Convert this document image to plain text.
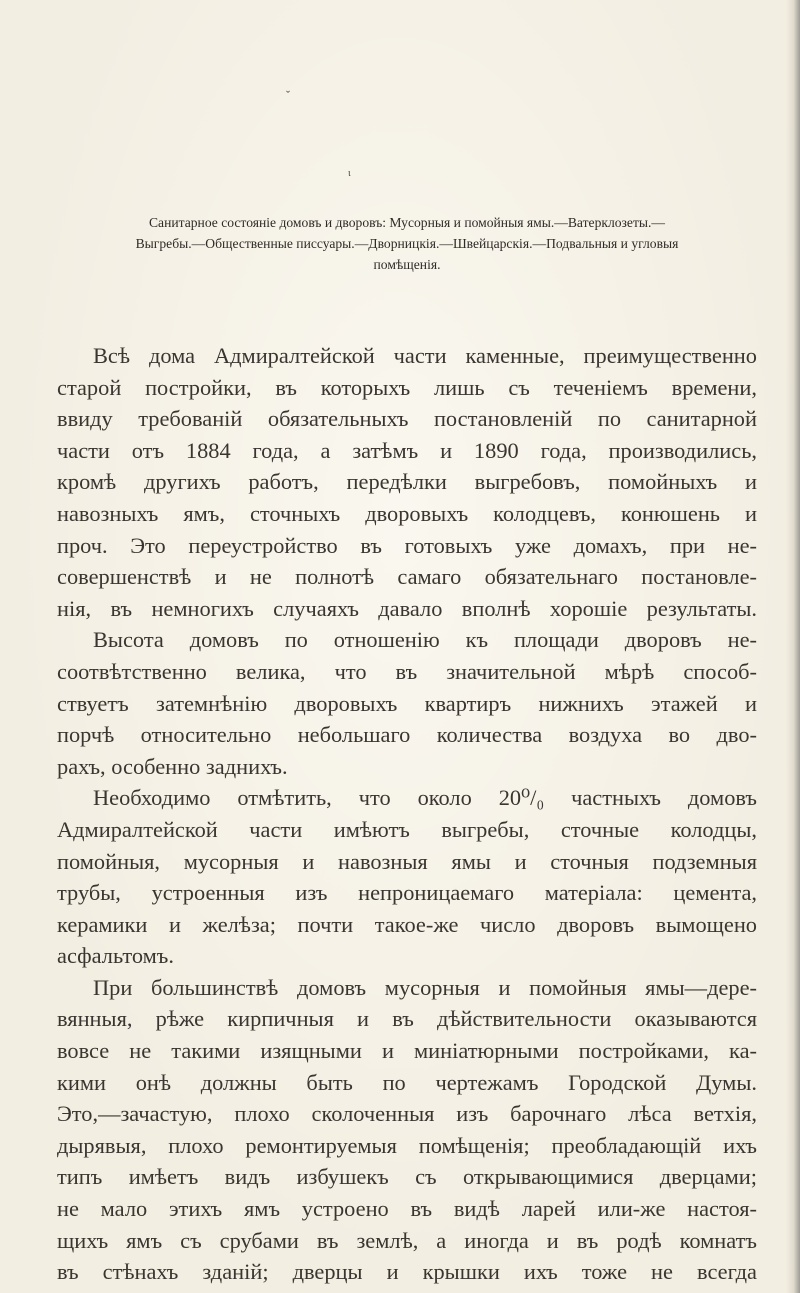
ˇ
ɩ
Санитарное состояніе домовъ и дворовъ: Мусорныя и помойныя ямы.—Ватерклозеты.—
Выгребы.—Общественные писсуары.—Дворницкія.—Швейцарскія.—Подвальныя и угловыя
помѣщенія.
Всѣ дома Адмиралтейской части каменные, преимущественно
старой постройки, въ которыхъ лишь съ теченіемъ времени,
ввиду требованій обязательныхъ постановленій по санитарной
части отъ 1884 года, а затѣмъ и 1890 года, производились,
кромѣ другихъ работъ, передѣлки выгребовъ, помойныхъ и
навозныхъ ямъ, сточныхъ дворовыхъ колодцевъ, конюшень и
проч. Это переустройство въ готовыхъ уже домахъ, при не-
совершенствѣ и не полнотѣ самаго обязательнаго постановле-
нія, въ немногихъ случаяхъ давало вполнѣ хорошіе результаты.
Высота домовъ по отношенію къ площади дворовъ не-
соотвѣтственно велика, что въ значительной мѣрѣ способ-
ствуетъ затемнѣнію дворовыхъ квартиръ нижнихъ этажей и
порчѣ относительно небольшаго количества воздуха во дво-
рахъ, особенно заднихъ.
Необходимо отмѣтить, что около 20⁰/₀ частныхъ домовъ
Адмиралтейской части имѣютъ выгребы, сточные колодцы,
помойныя, мусорныя и навозныя ямы и сточныя подземныя
трубы, устроенныя изъ непроницаемаго матеріала: цемента,
керамики и желѣза; почти такое-же число дворовъ вымощено
асфальтомъ.
При большинствѣ домовъ мусорныя и помойныя ямы—дере-
вянныя, рѣже кирпичныя и въ дѣйствительности оказываются
вовсе не такими изящными и миніатюрными постройками, ка-
кими онѣ должны быть по чертежамъ Городской Думы.
Это,—зачастую, плохо сколоченныя изъ барочнаго лѣса ветхія,
дырявыя, плохо ремонтируемыя помѣщенія; преобладающій ихъ
типъ имѣетъ видъ избушекъ съ открывающимися дверцами;
не мало этихъ ямъ устроено въ видѣ ларей или-же настоя-
щихъ ямъ съ срубами въ землѣ, а иногда и въ родѣ комнатъ
въ стѣнахъ зданій; дверцы и крышки ихъ тоже не всегда
